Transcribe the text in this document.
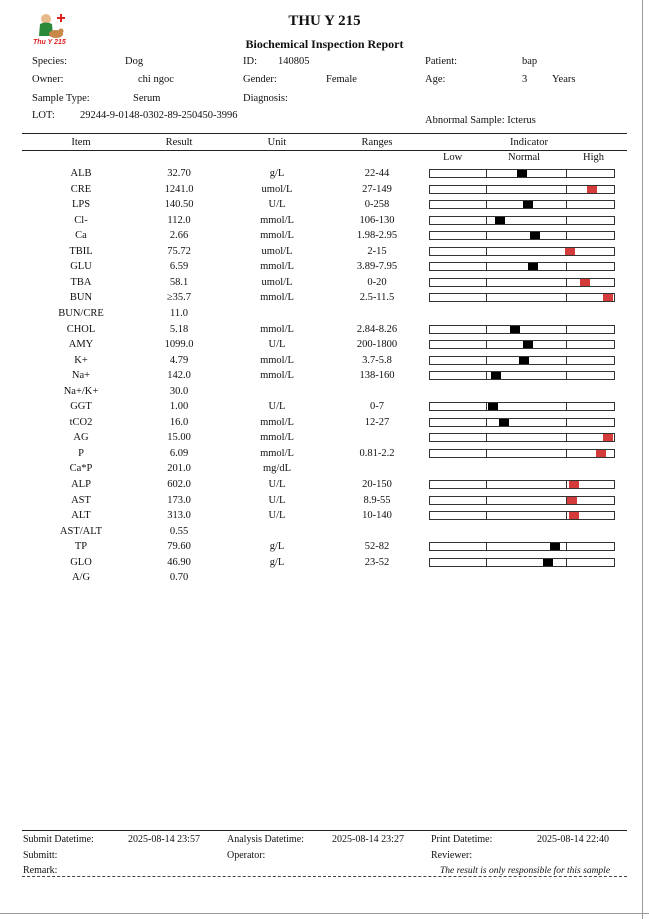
Thu Y 215
THU Y 215
Biochemical Inspection Report
Species:	Dog	ID: 140805	Patient:	bap
Owner:	chi ngoc	Gender:	Female	Age:	3 Years
Sample Type:	Serum	Diagnosis:
LOT: 29244-9-0148-0302-89-250450-3996	Abnormal Sample: Icterus
Item	Result	Unit	Ranges	Indicator
Low	Normal	High
ALB	32.70	g/L	22-44
CRE	1241.0	umol/L	27-149
LPS	140.50	U/L	0-258
Cl-	112.0	mmol/L	106-130
Ca	2.66	mmol/L	1.98-2.95
TBIL	75.72	umol/L	2-15
GLU	6.59	mmol/L	3.89-7.95
TBA	58.1	umol/L	0-20
BUN	≥35.7	mmol/L	2.5-11.5
BUN/CRE	11.0
CHOL	5.18	mmol/L	2.84-8.26
AMY	1099.0	U/L	200-1800
K+	4.79	mmol/L	3.7-5.8
Na+	142.0	mmol/L	138-160
Na+/K+	30.0
GGT	1.00	U/L	0-7
tCO2	16.0	mmol/L	12-27
AG	15.00	mmol/L
P	6.09	mmol/L	0.81-2.2
Ca*P	201.0	mg/dL
ALP	602.0	U/L	20-150
AST	173.0	U/L	8.9-55
ALT	313.0	U/L	10-140
AST/ALT	0.55
TP	79.60	g/L	52-82
GLO	46.90	g/L	23-52
A/G	0.70
Submit Datetime:	2025-08-14 23:57	Analysis Datetime:	2025-08-14 23:27	Print Datetime:	2025-08-14 22:40
Submitt:	Operator:	Reviewer:
Remark:	The result is only responsible for this sample
